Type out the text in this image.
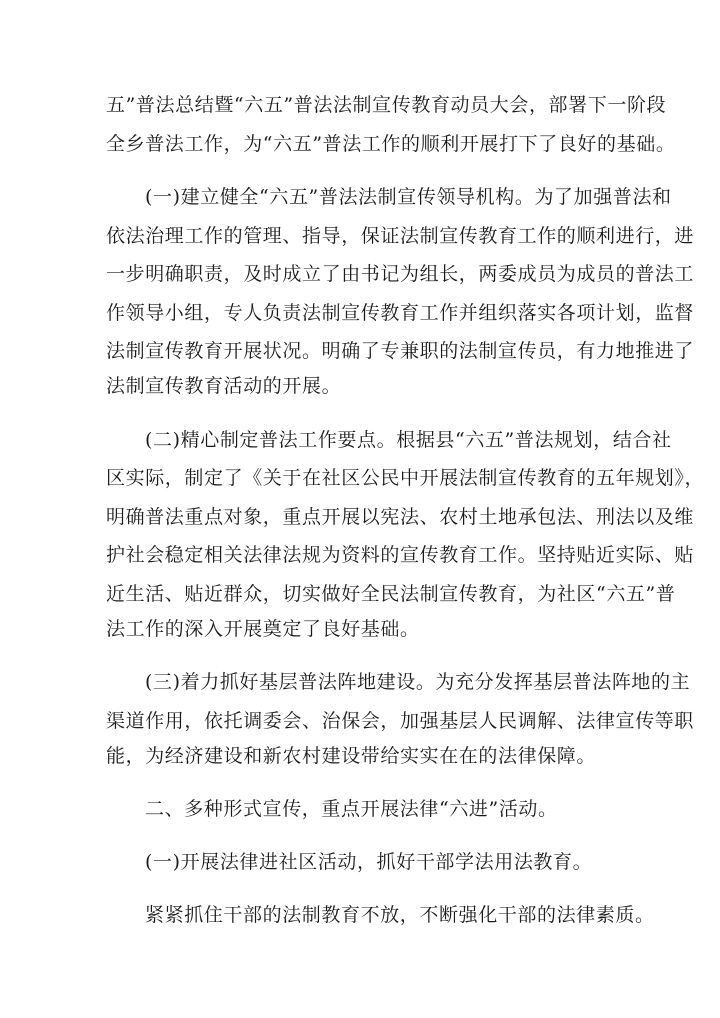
五”普法总结暨“六五”普法法制宣传教育动员大会，部署下一阶段
全乡普法工作，为“六五”普法工作的顺利开展打下了良好的基础。
(一)建立健全“六五”普法法制宣传领导机构。为了加强普法和
依法治理工作的管理、指导，保证法制宣传教育工作的顺利进行，进
一步明确职责，及时成立了由书记为组长，两委成员为成员的普法工
作领导小组，专人负责法制宣传教育工作并组织落实各项计划，监督
法制宣传教育开展状况。明确了专兼职的法制宣传员，有力地推进了
法制宣传教育活动的开展。
(二)精心制定普法工作要点。根据县“六五”普法规划，结合社
区实际，制定了《关于在社区公民中开展法制宣传教育的五年规划》，
明确普法重点对象，重点开展以宪法、农村土地承包法、刑法以及维
护社会稳定相关法律法规为资料的宣传教育工作。坚持贴近实际、贴
近生活、贴近群众，切实做好全民法制宣传教育，为社区“六五”普
法工作的深入开展奠定了良好基础。
(三)着力抓好基层普法阵地建设。为充分发挥基层普法阵地的主
渠道作用，依托调委会、治保会，加强基层人民调解、法律宣传等职
能，为经济建设和新农村建设带给实实在在的法律保障。
二、多种形式宣传，重点开展法律“六进”活动。
(一)开展法律进社区活动，抓好干部学法用法教育。
紧紧抓住干部的法制教育不放，不断强化干部的法律素质。
